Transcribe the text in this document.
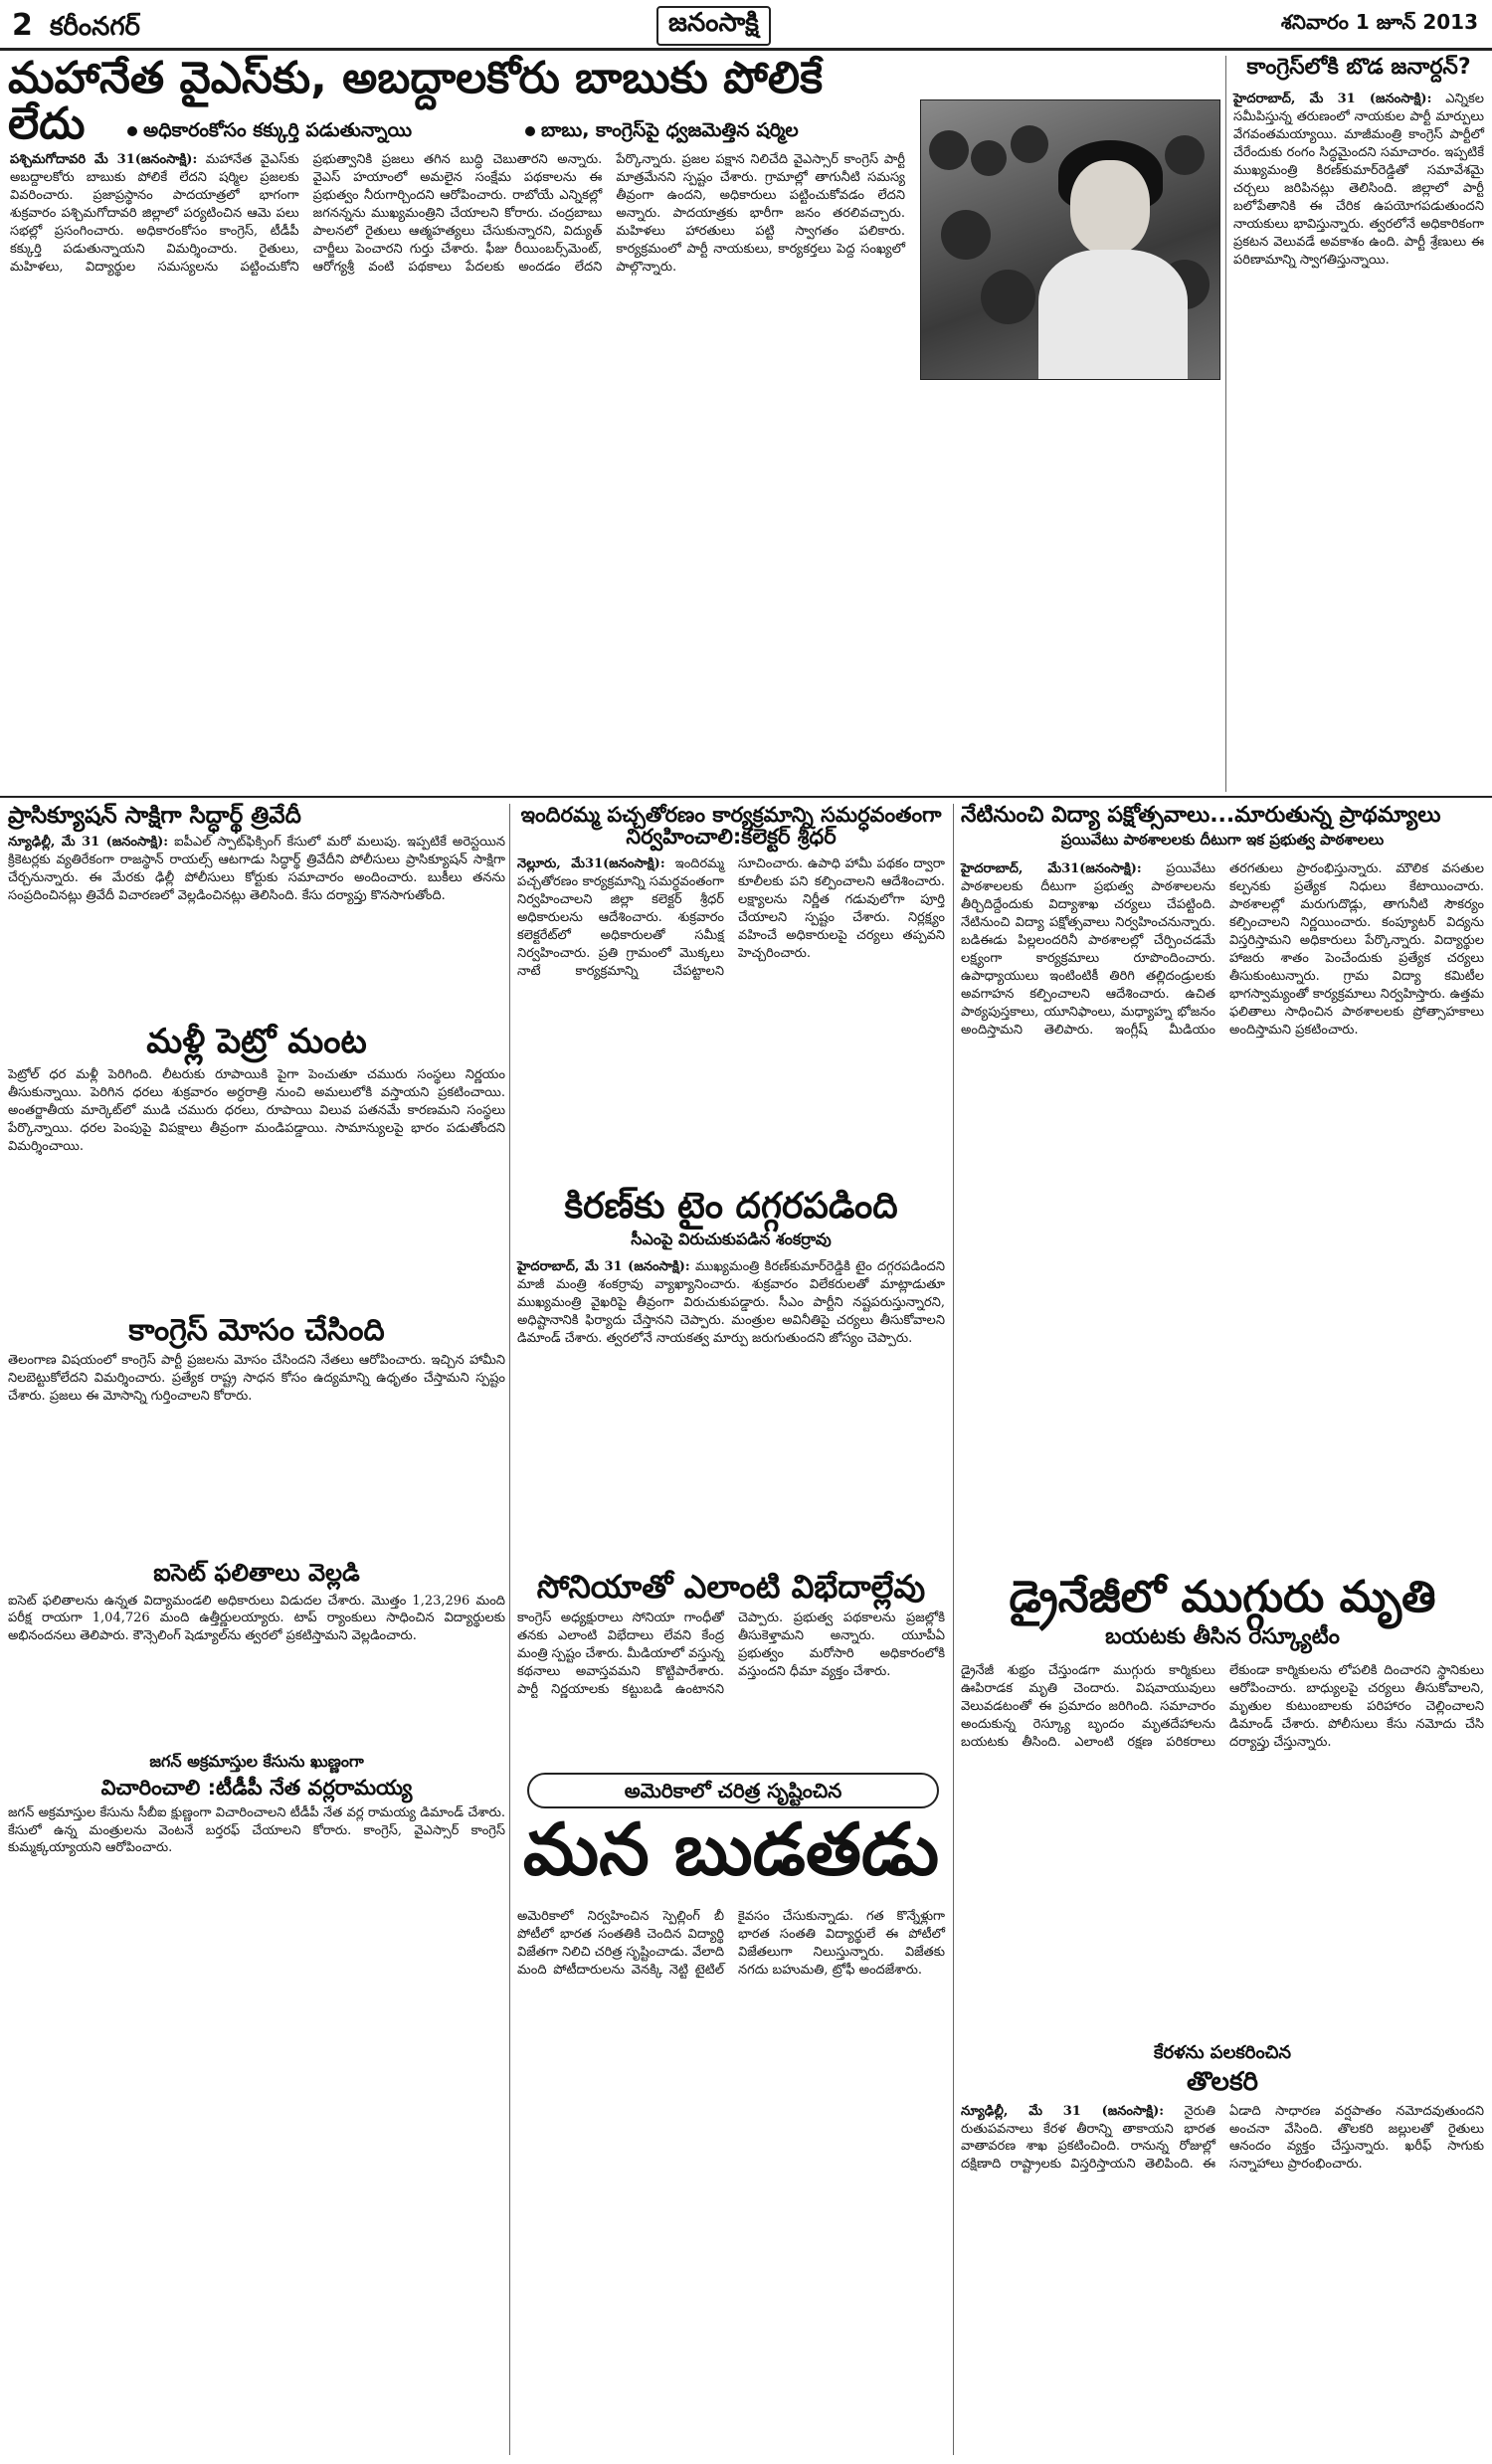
2 కరీంనగర్	జనంసాక్షి	శనివారం 1 జూన్ 2013
మహానేత వైఎస్‌కు, అబద్దాలకోరు బాబుకు పోలికే లేదు	అధికారంకోసం కక్కుర్తి పడుతున్నాయి	బాబు, కాంగ్రెస్‌పై ధ్వజమెత్తిన షర్మిల
పశ్చిమగోదావరి మే 31(జనంసాక్షి): మహానేత వైఎస్‌కు అబద్దాలకోరు బాబుకు పోలికే లేదని షర్మిల ప్రజలకు వివరించారు. ప్రజాప్రస్థానం పాదయాత్రలో భాగంగా శుక్రవారం పశ్చిమగోదావరి జిల్లాలో పర్యటించిన ఆమె పలు సభల్లో ప్రసంగించారు. అధికారంకోసం కాంగ్రెస్, టీడీపీ కక్కుర్తి పడుతున్నాయని విమర్శించారు. రైతులు, మహిళలు, విద్యార్థుల సమస్యలను పట్టించుకోని ప్రభుత్వానికి ప్రజలు తగిన బుద్ధి చెబుతారని అన్నారు. వైఎస్ హయాంలో అమలైన సంక్షేమ పథకాలను ఈ ప్రభుత్వం నీరుగార్చిందని ఆరోపించారు. రాబోయే ఎన్నికల్లో జగనన్నను ముఖ్యమంత్రిని చేయాలని కోరారు. చంద్రబాబు పాలనలో రైతులు ఆత్మహత్యలు చేసుకున్నారని, విద్యుత్ చార్జీలు పెంచారని గుర్తు చేశారు. ఫీజు రీయింబర్స్‌మెంట్, ఆరోగ్యశ్రీ వంటి పథకాలు పేదలకు అందడం లేదని పేర్కొన్నారు. ప్రజల పక్షాన నిలిచేది వైఎస్సార్ కాంగ్రెస్ పార్టీ మాత్రమేనని స్పష్టం చేశారు. గ్రామాల్లో తాగునీటి సమస్య తీవ్రంగా ఉందని, అధికారులు పట్టించుకోవడం లేదని అన్నారు. పాదయాత్రకు భారీగా జనం తరలివచ్చారు. మహిళలు హారతులు పట్టి స్వాగతం పలికారు. కార్యక్రమంలో పార్టీ నాయకులు, కార్యకర్తలు పెద్ద సంఖ్యలో పాల్గొన్నారు.
కాంగ్రెస్‌లోకి బొడ జనార్దన్?
హైదరాబాద్, మే 31 (జనంసాక్షి): ఎన్నికల సమీపిస్తున్న తరుణంలో నాయకుల పార్టీ మార్పులు వేగవంతమయ్యాయి. మాజీమంత్రి కాంగ్రెస్ పార్టీలో చేరేందుకు రంగం సిద్ధమైందని సమాచారం. ఇప్పటికే ముఖ్యమంత్రి కిరణ్‌కుమార్‌రెడ్డితో సమావేశమై చర్చలు జరిపినట్లు తెలిసింది. జిల్లాలో పార్టీ బలోపేతానికి ఈ చేరిక ఉపయోగపడుతుందని నాయకులు భావిస్తున్నారు. త్వరలోనే అధికారికంగా ప్రకటన వెలువడే అవకాశం ఉంది. పార్టీ శ్రేణులు ఈ పరిణామాన్ని స్వాగతిస్తున్నాయి.
ప్రాసిక్యూషన్ సాక్షిగా సిద్ధార్థ్ త్రివేదీ
న్యూఢిల్లీ, మే 31 (జనంసాక్షి): ఐపీఎల్ స్పాట్‌ఫిక్సింగ్ కేసులో మరో మలుపు. ఇప్పటికే అరెస్టయిన క్రికెటర్లకు వ్యతిరేకంగా రాజస్థాన్ రాయల్స్ ఆటగాడు సిద్ధార్థ్ త్రివేదీని పోలీసులు ప్రాసిక్యూషన్ సాక్షిగా చేర్చనున్నారు. ఈ మేరకు ఢిల్లీ పోలీసులు కోర్టుకు సమాచారం అందించారు. బుకీలు తనను సంప్రదించినట్లు త్రివేదీ విచారణలో వెల్లడించినట్లు తెలిసింది. కేసు దర్యాప్తు కొనసాగుతోంది.
మళ్లీ పెట్రో మంట
పెట్రోల్ ధర మళ్లీ పెరిగింది. లీటరుకు రూపాయికి పైగా పెంచుతూ చమురు సంస్థలు నిర్ణయం తీసుకున్నాయి. పెరిగిన ధరలు శుక్రవారం అర్ధరాత్రి నుంచి అమలులోకి వస్తాయని ప్రకటించాయి. అంతర్జాతీయ మార్కెట్‌లో ముడి చమురు ధరలు, రూపాయి విలువ పతనమే కారణమని సంస్థలు పేర్కొన్నాయి. ధరల పెంపుపై విపక్షాలు తీవ్రంగా మండిపడ్డాయి. సామాన్యులపై భారం పడుతోందని విమర్శించాయి.
కాంగ్రెస్ మోసం చేసింది
తెలంగాణ విషయంలో కాంగ్రెస్ పార్టీ ప్రజలను మోసం చేసిందని నేతలు ఆరోపించారు. ఇచ్చిన హామీని నిలబెట్టుకోలేదని విమర్శించారు. ప్రత్యేక రాష్ట్ర సాధన కోసం ఉద్యమాన్ని ఉధృతం చేస్తామని స్పష్టం చేశారు. ప్రజలు ఈ మోసాన్ని గుర్తించాలని కోరారు.
ఐసెట్ ఫలితాలు వెల్లడి
ఐసెట్ ఫలితాలను ఉన్నత విద్యామండలి అధికారులు విడుదల చేశారు. మొత్తం 1,23,296 మంది పరీక్ష రాయగా 1,04,726 మంది ఉత్తీర్ణులయ్యారు. టాప్ ర్యాంకులు సాధించిన విద్యార్థులకు అభినందనలు తెలిపారు. కౌన్సెలింగ్ షెడ్యూల్‌ను త్వరలో ప్రకటిస్తామని వెల్లడించారు.
జగన్ అక్రమాస్తుల కేసును ఖుణ్ణంగా
విచారించాలి :టీడీపీ నేత వర్లరామయ్య
జగన్ అక్రమాస్తుల కేసును సీబీఐ క్షుణ్ణంగా విచారించాలని టీడీపీ నేత వర్ల రామయ్య డిమాండ్ చేశారు. కేసులో ఉన్న మంత్రులను వెంటనే బర్తరఫ్ చేయాలని కోరారు. కాంగ్రెస్, వైఎస్సార్ కాంగ్రెస్ కుమ్మక్కయ్యాయని ఆరోపించారు.
ఇందిరమ్మ పచ్చతోరణం కార్యక్రమాన్ని సమర్ధవంతంగా నిర్వహించాలి:కలెక్టర్ శ్రీధర్
నెల్లూరు, మే31(జనంసాక్షి): ఇందిరమ్మ పచ్చతోరణం కార్యక్రమాన్ని సమర్ధవంతంగా నిర్వహించాలని జిల్లా కలెక్టర్ శ్రీధర్ అధికారులను ఆదేశించారు. శుక్రవారం కలెక్టరేట్‌లో అధికారులతో సమీక్ష నిర్వహించారు. ప్రతి గ్రామంలో మొక్కలు నాటే కార్యక్రమాన్ని చేపట్టాలని సూచించారు. ఉపాధి హామీ పథకం ద్వారా కూలీలకు పని కల్పించాలని ఆదేశించారు. లక్ష్యాలను నిర్ణీత గడువులోగా పూర్తి చేయాలని స్పష్టం చేశారు. నిర్లక్ష్యం వహించే అధికారులపై చర్యలు తప్పవని హెచ్చరించారు.
కిరణ్‌కు టైం దగ్గరపడింది
సీఎంపై విరుచుకుపడిన శంకర్రావు
హైదరాబాద్, మే 31 (జనంసాక్షి): ముఖ్యమంత్రి కిరణ్‌కుమార్‌రెడ్డికి టైం దగ్గరపడిందని మాజీ మంత్రి శంకర్రావు వ్యాఖ్యానించారు. శుక్రవారం విలేకరులతో మాట్లాడుతూ ముఖ్యమంత్రి వైఖరిపై తీవ్రంగా విరుచుకుపడ్డారు. సీఎం పార్టీని నష్టపరుస్తున్నారని, అధిష్టానానికి ఫిర్యాదు చేస్తానని చెప్పారు. మంత్రుల అవినీతిపై చర్యలు తీసుకోవాలని డిమాండ్ చేశారు. త్వరలోనే నాయకత్వ మార్పు జరుగుతుందని జోస్యం చెప్పారు.
సోనియాతో ఎలాంటి విభేదాల్లేవు
కాంగ్రెస్ అధ్యక్షురాలు సోనియా గాంధీతో తనకు ఎలాంటి విభేదాలు లేవని కేంద్ర మంత్రి స్పష్టం చేశారు. మీడియాలో వస్తున్న కథనాలు అవాస్తవమని కొట్టిపారేశారు. పార్టీ నిర్ణయాలకు కట్టుబడి ఉంటానని చెప్పారు. ప్రభుత్వ పథకాలను ప్రజల్లోకి తీసుకెళ్తామని అన్నారు. యూపీఏ ప్రభుత్వం మరోసారి అధికారంలోకి వస్తుందని ధీమా వ్యక్తం చేశారు.
అమెరికాలో చరిత్ర సృష్టించిన
మన బుడతడు
అమెరికాలో నిర్వహించిన స్పెల్లింగ్ బీ పోటీలో భారత సంతతికి చెందిన విద్యార్థి విజేతగా నిలిచి చరిత్ర సృష్టించాడు. వేలాది మంది పోటీదారులను వెనక్కి నెట్టి టైటిల్ కైవసం చేసుకున్నాడు. గత కొన్నేళ్లుగా భారత సంతతి విద్యార్థులే ఈ పోటీలో విజేతలుగా నిలుస్తున్నారు. విజేతకు నగదు బహుమతి, ట్రోఫీ అందజేశారు.
నేటినుంచి విద్యా పక్షోత్సవాలు...మారుతున్న ప్రాథమ్యాలు
ప్రయివేటు పాఠశాలలకు దీటుగా ఇక ప్రభుత్వ పాఠశాలలు
హైదరాబాద్, మే31(జనంసాక్షి): ప్రయివేటు పాఠశాలలకు దీటుగా ప్రభుత్వ పాఠశాలలను తీర్చిదిద్దేందుకు విద్యాశాఖ చర్యలు చేపట్టింది. నేటినుంచి విద్యా పక్షోత్సవాలు నిర్వహించనున్నారు. బడిఈడు పిల్లలందరినీ పాఠశాలల్లో చేర్పించడమే లక్ష్యంగా కార్యక్రమాలు రూపొందించారు. ఉపాధ్యాయులు ఇంటింటికీ తిరిగి తల్లిదండ్రులకు అవగాహన కల్పించాలని ఆదేశించారు. ఉచిత పాఠ్యపుస్తకాలు, యూనిఫాంలు, మధ్యాహ్న భోజనం అందిస్తామని తెలిపారు. ఇంగ్లీష్ మీడియం తరగతులు ప్రారంభిస్తున్నారు. మౌలిక వసతుల కల్పనకు ప్రత్యేక నిధులు కేటాయించారు. పాఠశాలల్లో మరుగుదొడ్లు, తాగునీటి సౌకర్యం కల్పించాలని నిర్ణయించారు. కంప్యూటర్ విద్యను విస్తరిస్తామని అధికారులు పేర్కొన్నారు. విద్యార్థుల హాజరు శాతం పెంచేందుకు ప్రత్యేక చర్యలు తీసుకుంటున్నారు. గ్రామ విద్యా కమిటీల భాగస్వామ్యంతో కార్యక్రమాలు నిర్వహిస్తారు. ఉత్తమ ఫలితాలు సాధించిన పాఠశాలలకు ప్రోత్సాహకాలు అందిస్తామని ప్రకటించారు.
డ్రైనేజీలో ముగ్గురు మృతి
బయటకు తీసిన రెస్క్యూటీం
డ్రైనేజీ శుభ్రం చేస్తుండగా ముగ్గురు కార్మికులు ఊపిరాడక మృతి చెందారు. విషవాయువులు వెలువడటంతో ఈ ప్రమాదం జరిగింది. సమాచారం అందుకున్న రెస్క్యూ బృందం మృతదేహాలను బయటకు తీసింది. ఎలాంటి రక్షణ పరికరాలు లేకుండా కార్మికులను లోపలికి దించారని స్థానికులు ఆరోపించారు. బాధ్యులపై చర్యలు తీసుకోవాలని, మృతుల కుటుంబాలకు పరిహారం చెల్లించాలని డిమాండ్ చేశారు. పోలీసులు కేసు నమోదు చేసి దర్యాప్తు చేస్తున్నారు.
కేరళను పలకరించిన
తొలకరి
న్యూఢిల్లీ, మే 31 (జనంసాక్షి): నైరుతి రుతుపవనాలు కేరళ తీరాన్ని తాకాయని భారత వాతావరణ శాఖ ప్రకటించింది. రానున్న రోజుల్లో దక్షిణాది రాష్ట్రాలకు విస్తరిస్తాయని తెలిపింది. ఈ ఏడాది సాధారణ వర్షపాతం నమోదవుతుందని అంచనా వేసింది. తొలకరి జల్లులతో రైతులు ఆనందం వ్యక్తం చేస్తున్నారు. ఖరీఫ్ సాగుకు సన్నాహాలు ప్రారంభించారు.
